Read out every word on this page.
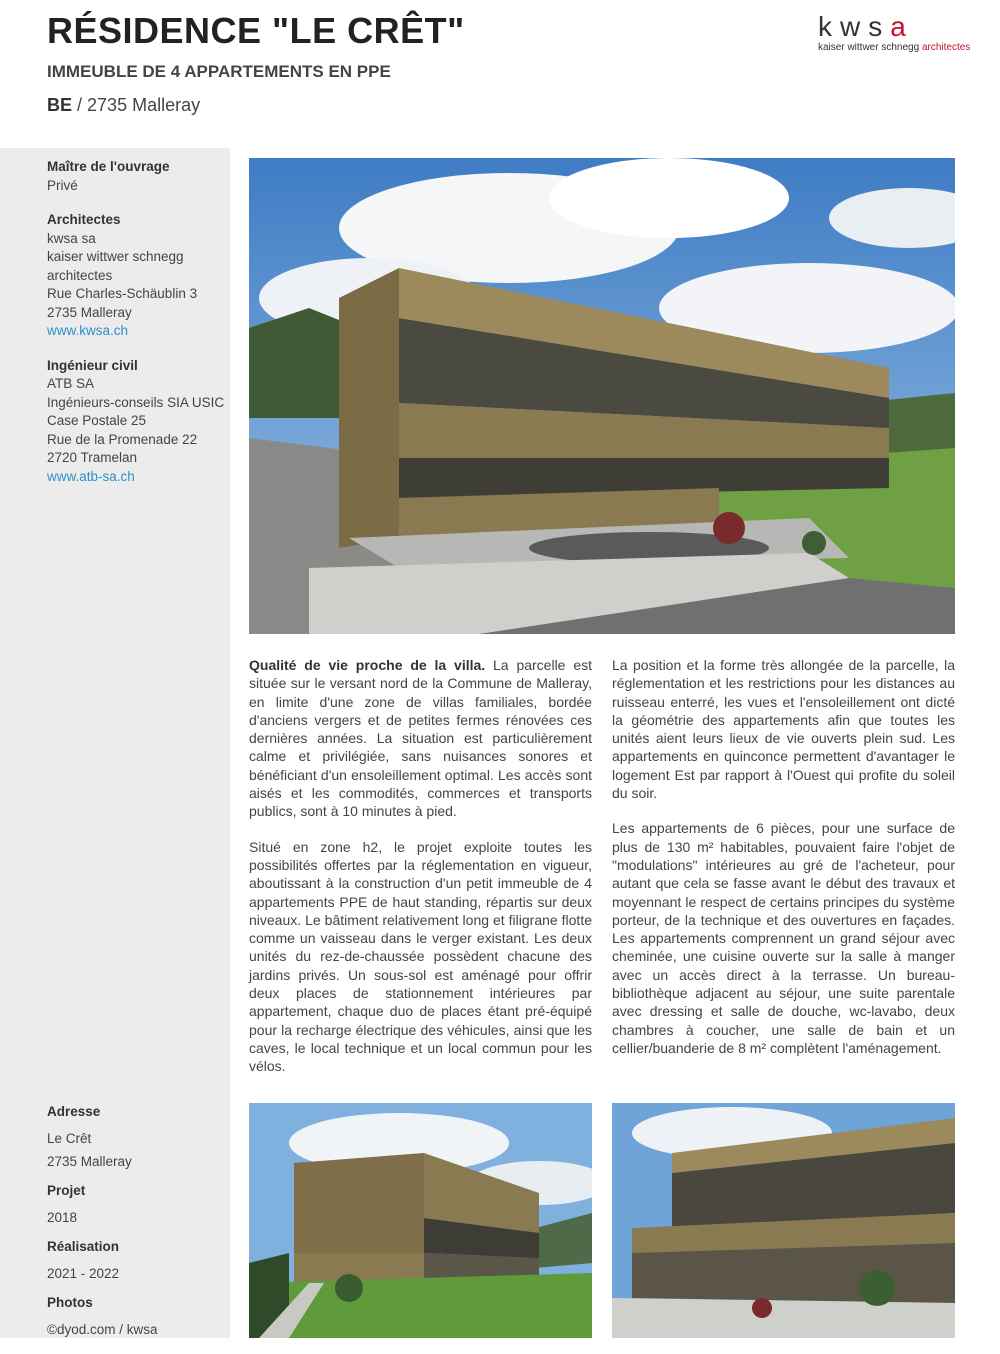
RÉSIDENCE "LE CRÊT"
IMMEUBLE DE 4 APPARTEMENTS EN PPE
BE / 2735 Malleray
kwsa
kaiser wittwer schnegg architectes
Maître de l'ouvrage
Privé
Architectes
kwsa sa
kaiser wittwer schnegg
architectes
Rue Charles-Schäublin 3
2735 Malleray
www.kwsa.ch
Ingénieur civil
ATB SA
Ingénieurs-conseils SIA USIC
Case Postale 25
Rue de la Promenade 22
2720 Tramelan
www.atb-sa.ch
Adresse
Le Crêt
2735 Malleray
Projet
2018
Réalisation
2021 - 2022
Photos
©dyod.com / kwsa

Qualité de vie proche de la villa. La parcelle est située sur le versant nord de la Commune de Malleray, en limite d'une zone de villas familiales, bordée d'anciens vergers et de petites fermes rénovées ces dernières années. La situation est particulièrement calme et privilégiée, sans nuisances sonores et bénéficiant d'un ensoleillement optimal. Les accès sont aisés et les commodités, commerces et transports publics, sont à 10 minutes à pied.

Situé en zone h2, le projet exploite toutes les possibilités offertes par la réglementation en vigueur, aboutissant à la construction d'un petit immeuble de 4 appartements PPE de haut standing, répartis sur deux niveaux. Le bâtiment relativement long et filigrane flotte comme un vaisseau dans le verger existant. Les deux unités du rez-de-chaussée possèdent chacune des jardins privés. Un sous-sol est aménagé pour offrir deux places de stationnement intérieures par appartement, chaque duo de places étant pré-équipé pour la recharge électrique des véhicules, ainsi que les caves, le local technique et un local commun pour les vélos.

La position et la forme très allongée de la parcelle, la réglementation et les restrictions pour les distances au ruisseau enterré, les vues et l'ensoleillement ont dicté la géométrie des appartements afin que toutes les unités aient leurs lieux de vie ouverts plein sud. Les appartements en quinconce permettent d'avantager le logement Est par rapport à l'Ouest qui profite du soleil du soir.

Les appartements de 6 pièces, pour une surface de plus de 130 m² habitables, pouvaient faire l'objet de "modulations" intérieures au gré de l'acheteur, pour autant que cela se fasse avant le début des travaux et moyennant le respect de certains principes du système porteur, de la technique et des ouvertures en façades. Les appartements comprennent un grand séjour avec cheminée, une cuisine ouverte sur la salle à manger avec un accès direct à la terrasse. Un bureau-bibliothèque adjacent au séjour, une suite parentale avec dressing et salle de douche, wc-lavabo, deux chambres à coucher, une salle de bain et un cellier/buanderie de 8 m² complètent l'aménagement.
